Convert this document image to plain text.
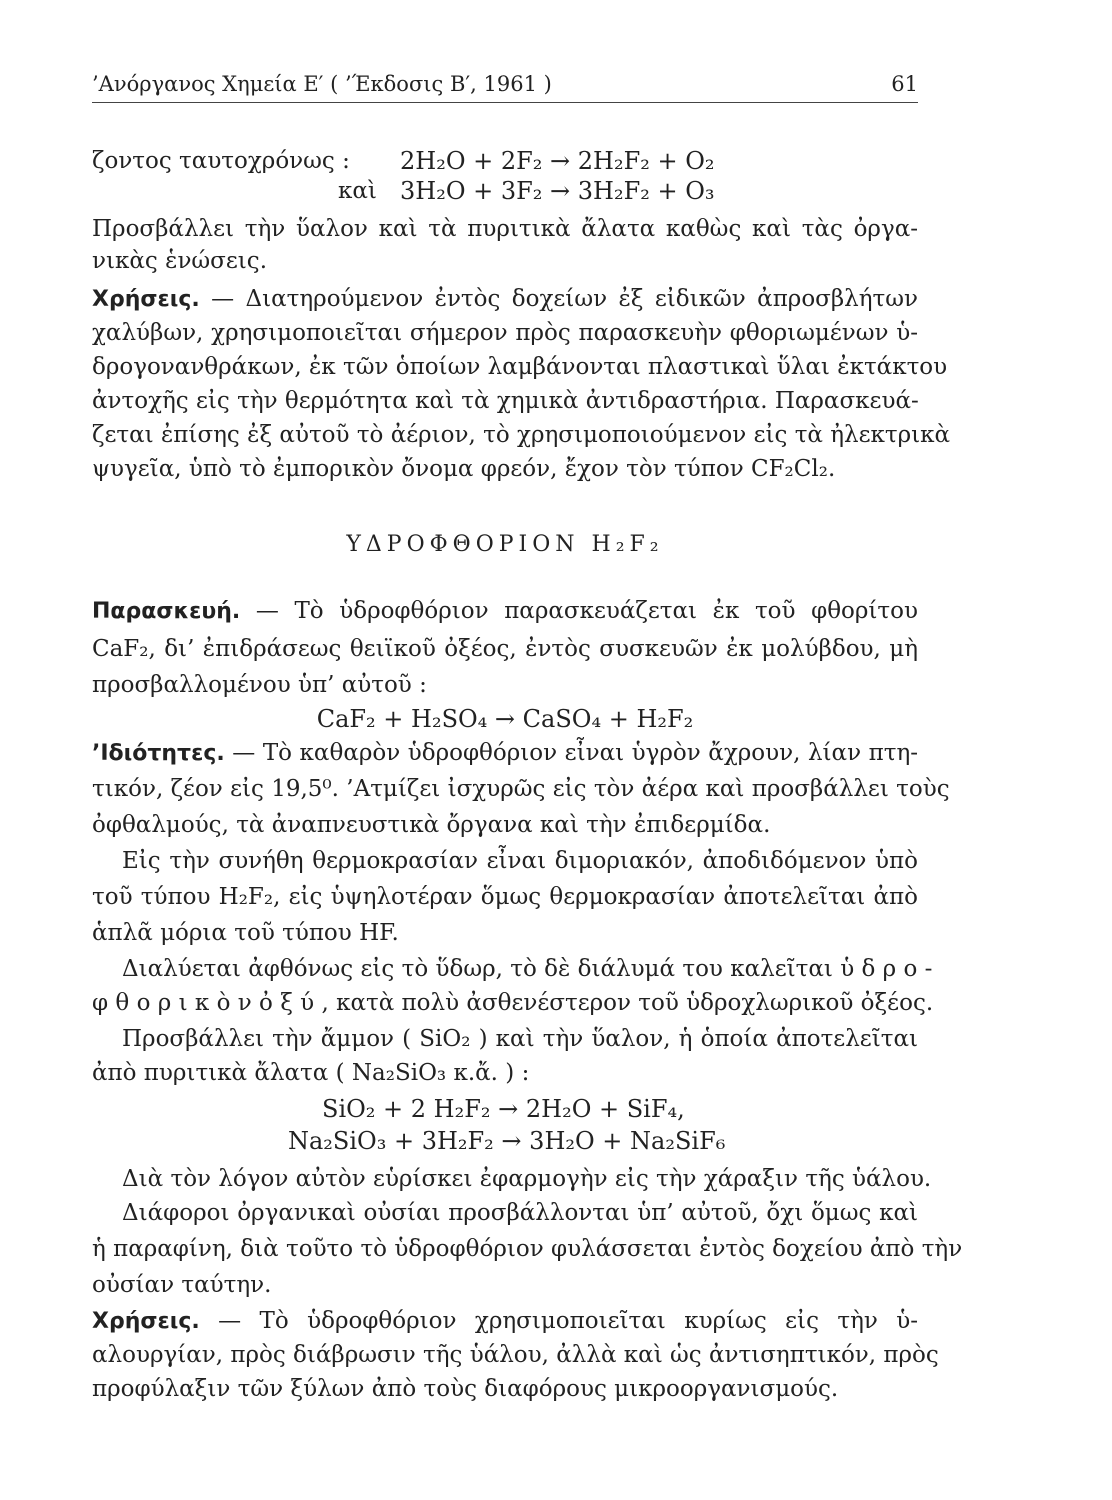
’Ανόργανος Χημεία Ε′ ( ’Έκδοσις Β′, 1961 )	61
ζοντος ταυτοχρόνως : 2H₂O + 2F₂ → 2H₂F₂ + O₂
καὶ 3H₂O + 3F₂ → 3H₂F₂ + O₃
Προσβάλλει τὴν ὕαλον καὶ τὰ πυριτικὰ ἄλατα καθὼς καὶ τὰς ὀργα-
νικὰς ἑνώσεις.
Χρήσεις. — Διατηρούμενον ἐντὸς δοχείων ἐξ εἰδικῶν ἀπροσβλήτων
χαλύβων, χρησιμοποιεῖται σήμερον πρὸς παρασκευὴν φθοριωμένων ὑ-
δρογονανθράκων, ἐκ τῶν ὁποίων λαμβάνονται πλαστικαὶ ὕλαι ἐκτάκτου
ἀντοχῆς εἰς τὴν θερμότητα καὶ τὰ χημικὰ ἀντιδραστήρια. Παρασκευά-
ζεται ἐπίσης ἐξ αὐτοῦ τὸ ἀέριον, τὸ χρησιμοποιούμενον εἰς τὰ ἠλεκτρικὰ
ψυγεῖα, ὑπὸ τὸ ἐμπορικὸν ὄνομα φρεόν, ἔχον τὸν τύπον CF₂Cl₂.
ΥΔΡΟΦΘΟΡΙΟΝ H₂F₂
Παρασκευή. — Τὸ ὑδροφθόριον παρασκευάζεται ἐκ τοῦ φθορίτου
CaF₂, δι’ ἐπιδράσεως θειϊκοῦ ὀξέος, ἐντὸς συσκευῶν ἐκ μολύβδου, μὴ
προσβαλλομένου ὑπ’ αὐτοῦ :
CaF₂ + H₂SO₄ → CaSO₄ + H₂F₂
’Ιδιότητες. — Τὸ καθαρὸν ὑδροφθόριον εἶναι ὑγρὸν ἄχρουν, λίαν πτη-
τικόν, ζέον εἰς 19,5⁰. ’Ατμίζει ἰσχυρῶς εἰς τὸν ἀέρα καὶ προσβάλλει τοὺς
ὀφθαλμούς, τὰ ἀναπνευστικὰ ὄργανα καὶ τὴν ἐπιδερμίδα.
Εἰς τὴν συνήθη θερμοκρασίαν εἶναι διμοριακόν, ἀποδιδόμενον ὑπὸ
τοῦ τύπου H₂F₂, εἰς ὑψηλοτέραν ὅμως θερμοκρασίαν ἀποτελεῖται ἀπὸ
ἁπλᾶ μόρια τοῦ τύπου HF.
Διαλύεται ἀφθόνως εἰς τὸ ὕδωρ, τὸ δὲ διάλυμά του καλεῖται ὑ δ ρ ο -
φ θ ο ρ ι κ ὸ ν ὀ ξ ύ , κατὰ πολὺ ἀσθενέστερον τοῦ ὑδροχλωρικοῦ ὀξέος.
Προσβάλλει τὴν ἄμμον ( SiO₂ ) καὶ τὴν ὕαλον, ἡ ὁποία ἀποτελεῖται
ἀπὸ πυριτικὰ ἄλατα ( Na₂SiO₃ κ.ἄ. ) :
SiO₂ + 2 H₂F₂ → 2H₂O + SiF₄,
Na₂SiO₃ + 3H₂F₂ → 3H₂O + Na₂SiF₆
Διὰ τὸν λόγον αὐτὸν εὑρίσκει ἐφαρμογὴν εἰς τὴν χάραξιν τῆς ὑάλου.
Διάφοροι ὀργανικαὶ οὐσίαι προσβάλλονται ὑπ’ αὐτοῦ, ὄχι ὅμως καὶ
ἡ παραφίνη, διὰ τοῦτο τὸ ὑδροφθόριον φυλάσσεται ἐντὸς δοχείου ἀπὸ τὴν
οὐσίαν ταύτην.
Χρήσεις. — Τὸ ὑδροφθόριον χρησιμοποιεῖται κυρίως εἰς τὴν ὑ-
αλουργίαν, πρὸς διάβρωσιν τῆς ὑάλου, ἀλλὰ καὶ ὡς ἀντισηπτικόν, πρὸς
προφύλαξιν τῶν ξύλων ἀπὸ τοὺς διαφόρους μικροοργανισμούς.
